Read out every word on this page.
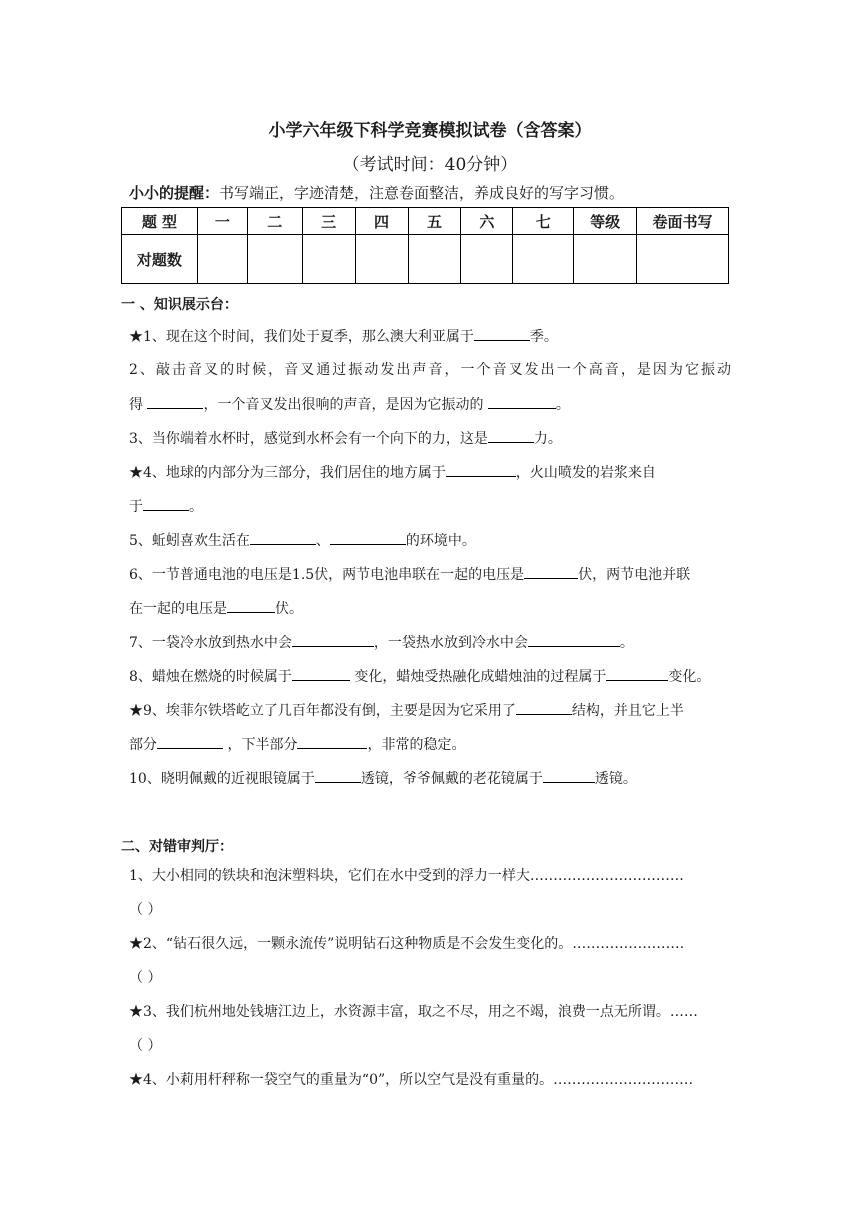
小学六年级下科学竞赛模拟试卷（含答案）
（考试时间：40分钟）
小小的提醒：书写端正，字迹清楚，注意卷面整洁，养成良好的写字习惯。
题 型	一	二	三	四	五	六	七	等级	卷面书写
对题数									
一 、知识展示台：
★1、现在这个时间，我们处于夏季，那么澳大利亚属于	季。
2、敲击音叉的时候，音叉通过振动发出声音，一个音叉发出一个高音，是因为它振动
得	，一个音叉发出很响的声音，是因为它振动的	。
3、当你端着水杯时，感觉到水杯会有一个向下的力，这是	力。
★4、地球的内部分为三部分，我们居住的地方属于	，火山喷发的岩浆来自
于	。
5、蚯蚓喜欢生活在	、	的环境中。
6、一节普通电池的电压是1.5伏，两节电池串联在一起的电压是	伏，两节电池并联
在一起的电压是	伏。
7、一袋冷水放到热水中会	，一袋热水放到冷水中会	。
8、蜡烛在燃烧的时候属于	变化，蜡烛受热融化成蜡烛油的过程属于	变化。
★9、埃菲尔铁塔屹立了几百年都没有倒，主要是因为它采用了	结构，并且它上半
部分	，下半部分	，非常的稳定。
10、晓明佩戴的近视眼镜属于	透镜，爷爷佩戴的老花镜属于	透镜。
二、对错审判厅：
1、大小相同的铁块和泡沫塑料块，它们在水中受到的浮力一样大……………………………
（ ）
★2、“钻石很久远，一颗永流传”说明钻石这种物质是不会发生变化的。……………………
（ ）
★3、我们杭州地处钱塘江边上，水资源丰富，取之不尽，用之不竭，浪费一点无所谓。……
（ ）
★4、小莉用杆秤称一袋空气的重量为“0”，所以空气是没有重量的。…………………………
